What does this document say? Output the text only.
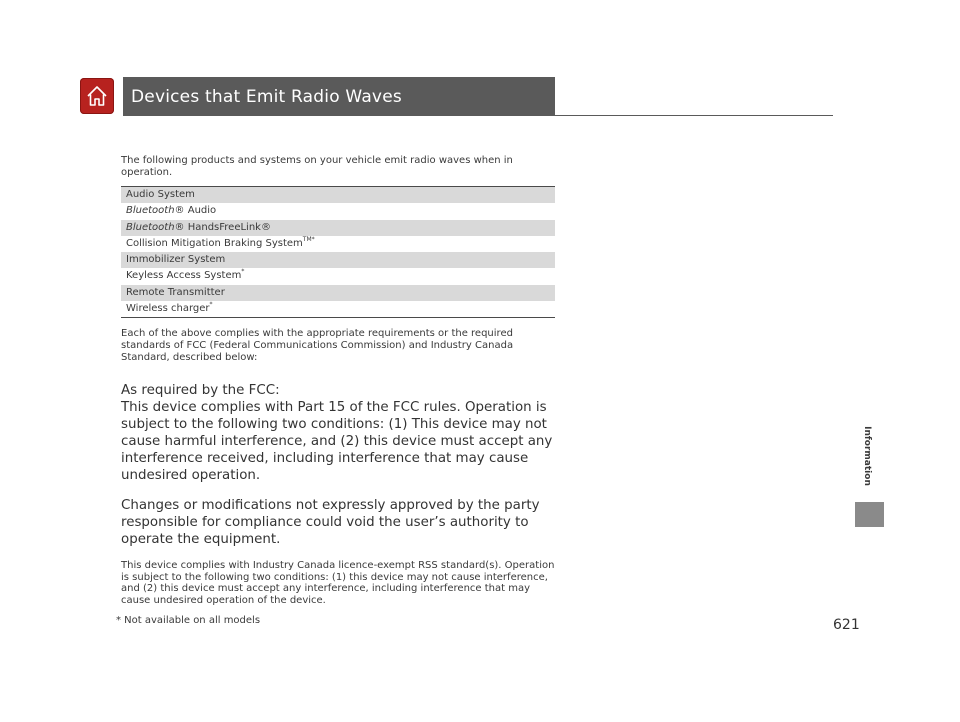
Devices that Emit Radio Waves
The following products and systems on your vehicle emit radio waves when in operation.
Audio System
Bluetooth® Audio
Bluetooth® HandsFreeLink®
Collision Mitigation Braking System$^{TM*}$
Immobilizer System
Keyless Access System*
Remote Transmitter
Wireless charger*
Each of the above complies with the appropriate requirements or the required standards of FCC (Federal Communications Commission) and Industry Canada Standard, described below:

As required by the FCC:

This device complies with Part 15 of the FCC rules. Operation is subject to the following two conditions: (1) This device may not cause harmful interference, and (2) this device must accept any interference received, including interference that may cause undesired operation.

Changes or modifications not expressly approved by the party responsible for compliance could void the user’s authority to operate the equipment.

This device complies with Industry Canada licence-exempt RSS standard(s). Operation is subject to the following two conditions: (1) this device may not cause interference, and (2) this device must accept any interference, including interference that may cause undesired operation of the device.
* Not available on all models
Information
621
